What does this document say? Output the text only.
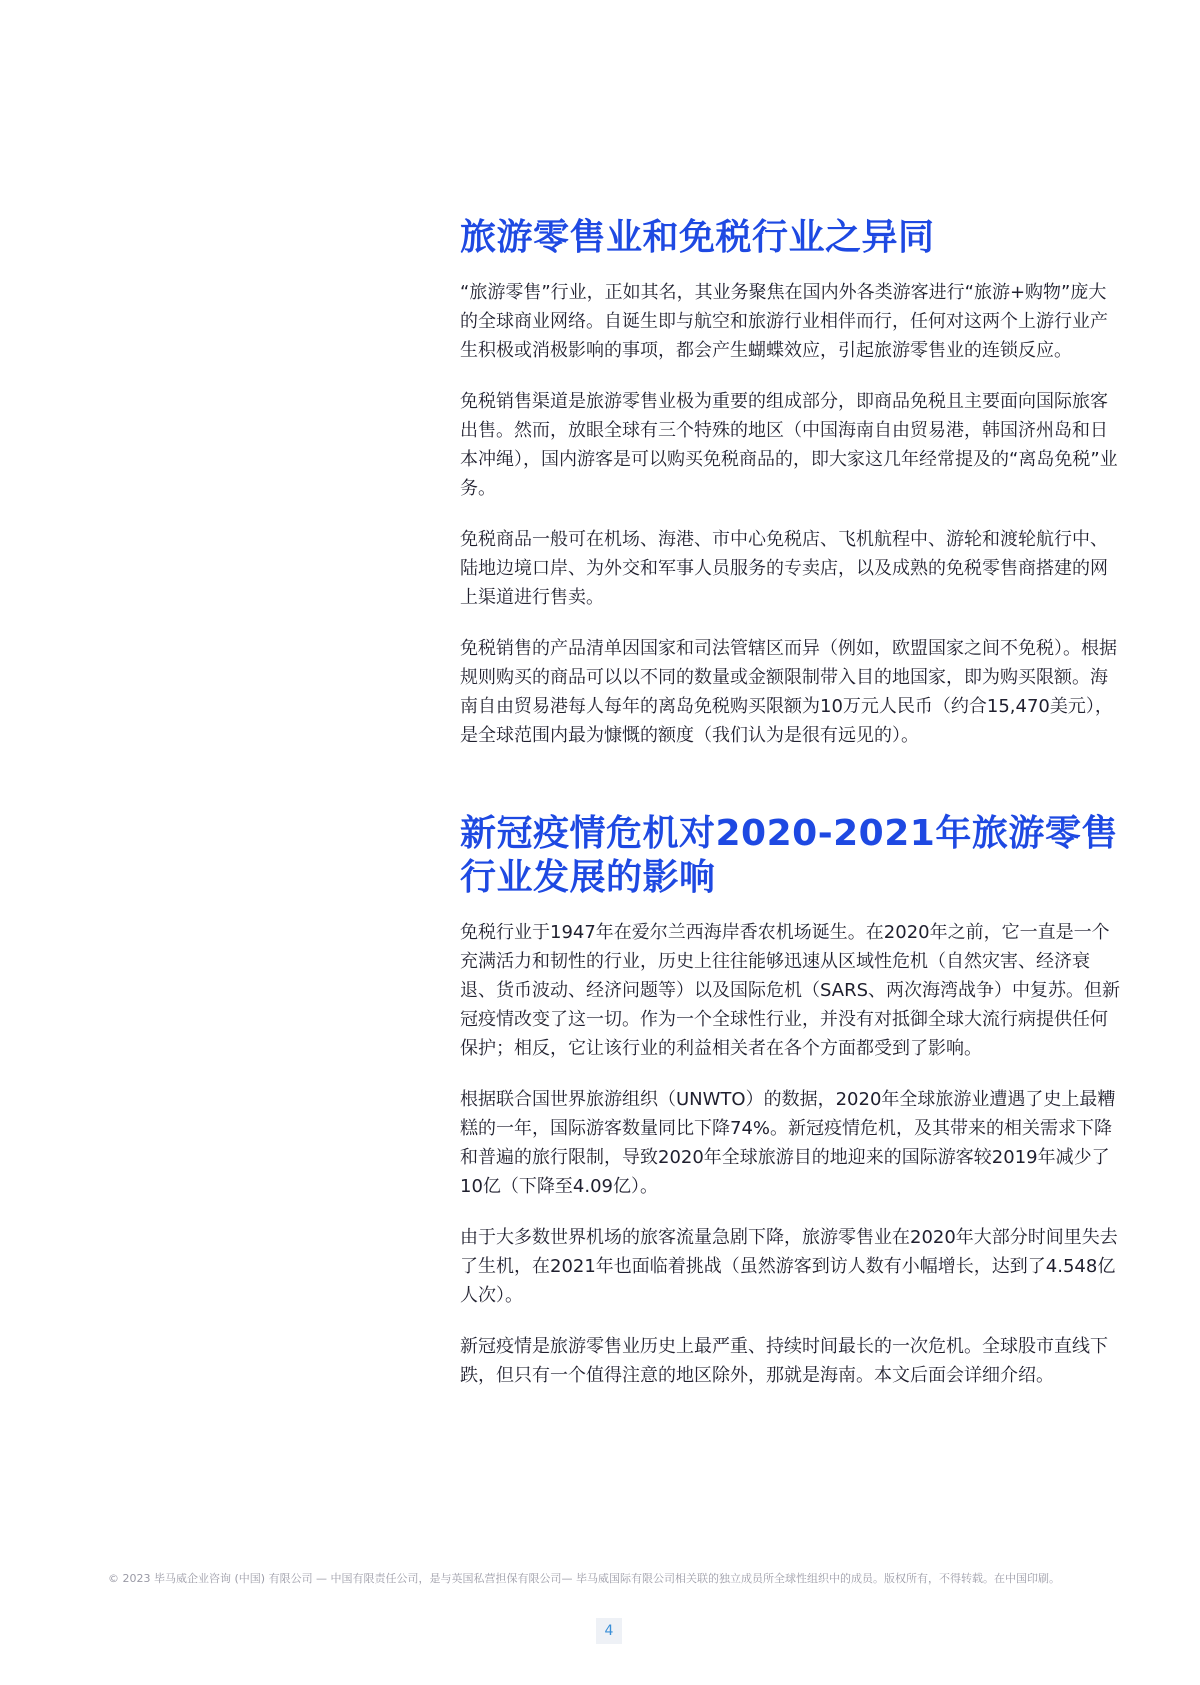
旅游零售业和免税行业之异同

“旅游零售”行业，正如其名，其业务聚焦在国内外各类游客进行“旅游+购物”庞大的全球商业网络。自诞生即与航空和旅游行业相伴而行，任何对这两个上游行业产生积极或消极影响的事项，都会产生蝴蝶效应，引起旅游零售业的连锁反应。

免税销售渠道是旅游零售业极为重要的组成部分，即商品免税且主要面向国际旅客出售。然而，放眼全球有三个特殊的地区（中国海南自由贸易港，韩国济州岛和日本冲绳），国内游客是可以购买免税商品的，即大家这几年经常提及的“离岛免税”业务。

免税商品一般可在机场、海港、市中心免税店、飞机航程中、游轮和渡轮航行中、陆地边境口岸、为外交和军事人员服务的专卖店，以及成熟的免税零售商搭建的网上渠道进行售卖。

免税销售的产品清单因国家和司法管辖区而异（例如，欧盟国家之间不免税）。根据规则购买的商品可以以不同的数量或金额限制带入目的地国家，即为购买限额。海南自由贸易港每人每年的离岛免税购买限额为10万元人民币（约合15,470美元），是全球范围内最为慷慨的额度（我们认为是很有远见的）。

新冠疫情危机对2020-2021年旅游零售行业发展的影响

免税行业于1947年在爱尔兰西海岸香农机场诞生。在2020年之前，它一直是一个充满活力和韧性的行业，历史上往往能够迅速从区域性危机（自然灾害、经济衰退、货币波动、经济问题等）以及国际危机（SARS、两次海湾战争）中复苏。但新冠疫情改变了这一切。作为一个全球性行业，并没有对抵御全球大流行病提供任何保护；相反，它让该行业的利益相关者在各个方面都受到了影响。

根据联合国世界旅游组织（UNWTO）的数据，2020年全球旅游业遭遇了史上最糟糕的一年，国际游客数量同比下降74%。新冠疫情危机，及其带来的相关需求下降和普遍的旅行限制，导致2020年全球旅游目的地迎来的国际游客较2019年减少了10亿（下降至4.09亿）。

由于大多数世界机场的旅客流量急剧下降，旅游零售业在2020年大部分时间里失去了生机，在2021年也面临着挑战（虽然游客到访人数有小幅增长，达到了4.548亿人次）。

新冠疫情是旅游零售业历史上最严重、持续时间最长的一次危机。全球股市直线下跌，但只有一个值得注意的地区除外，那就是海南。本文后面会详细介绍。

© 2023 毕马威企业咨询 (中国) 有限公司 — 中国有限责任公司，是与英国私营担保有限公司— 毕马威国际有限公司相关联的独立成员所全球性组织中的成员。版权所有，不得转载。在中国印刷。
4
